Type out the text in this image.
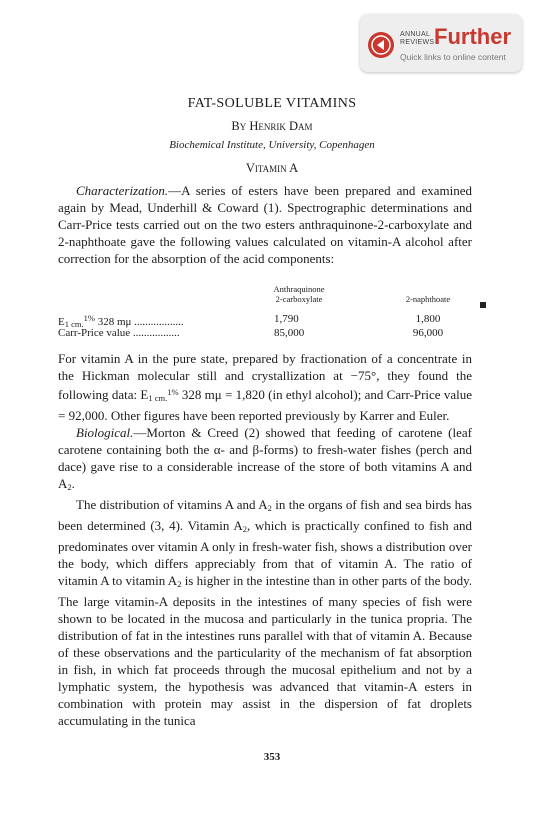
ANNUAL
REVIEWS Further
Quick links to online content
FAT-SOLUBLE VITAMINS
By Henrik Dam
Biochemical Institute, University, Copenhagen
Vitamin A

Characterization.—A series of esters have been prepared and examined again by Mead, Underhill & Coward (1). Spectrographic determinations and Carr-Price tests carried out on the two esters anthraquinone-2-carboxylate and 2-naphthoate gave the following values calculated on vitamin-A alcohol after correction for the absorption of the acid components:

Anthraquinone
2-carboxylate	2-naphthoate
E1 cm.$^{1\%}$ 328 mμ ..................	1,790	1,800
Carr-Price value .................	85,000	96,000

For vitamin A in the pure state, prepared by fractionation of a concentrate in the Hickman molecular still and crystallization at −75°, they found the following data: E1 cm.$^{1\%}$ 328 mμ = 1,820 (in ethyl alcohol); and Carr-Price value = 92,000. Other figures have been reported previously by Karrer and Euler.

Biological.—Morton & Creed (2) showed that feeding of carotene (leaf carotene containing both the α- and β-forms) to fresh-water fishes (perch and dace) gave rise to a considerable increase of the store of both vitamins A and A2.

The distribution of vitamins A and A2 in the organs of fish and sea birds has been determined (3, 4). Vitamin A2, which is practically confined to fish and predominates over vitamin A only in fresh-water fish, shows a distribution over the body, which differs appreciably from that of vitamin A. The ratio of vitamin A to vitamin A2 is higher in the intestine than in other parts of the body. The large vitamin-A deposits in the intestines of many species of fish were shown to be located in the mucosa and particularly in the tunica propria. The distribution of fat in the intestines runs parallel with that of vitamin A. Because of these observations and the particularity of the mechanism of fat absorption in fish, in which fat proceeds through the mucosal epithelium and not by a lymphatic system, the hypothesis was advanced that vitamin-A esters in combination with protein may assist in the dispersion of fat droplets accumulating in the tunica

353
